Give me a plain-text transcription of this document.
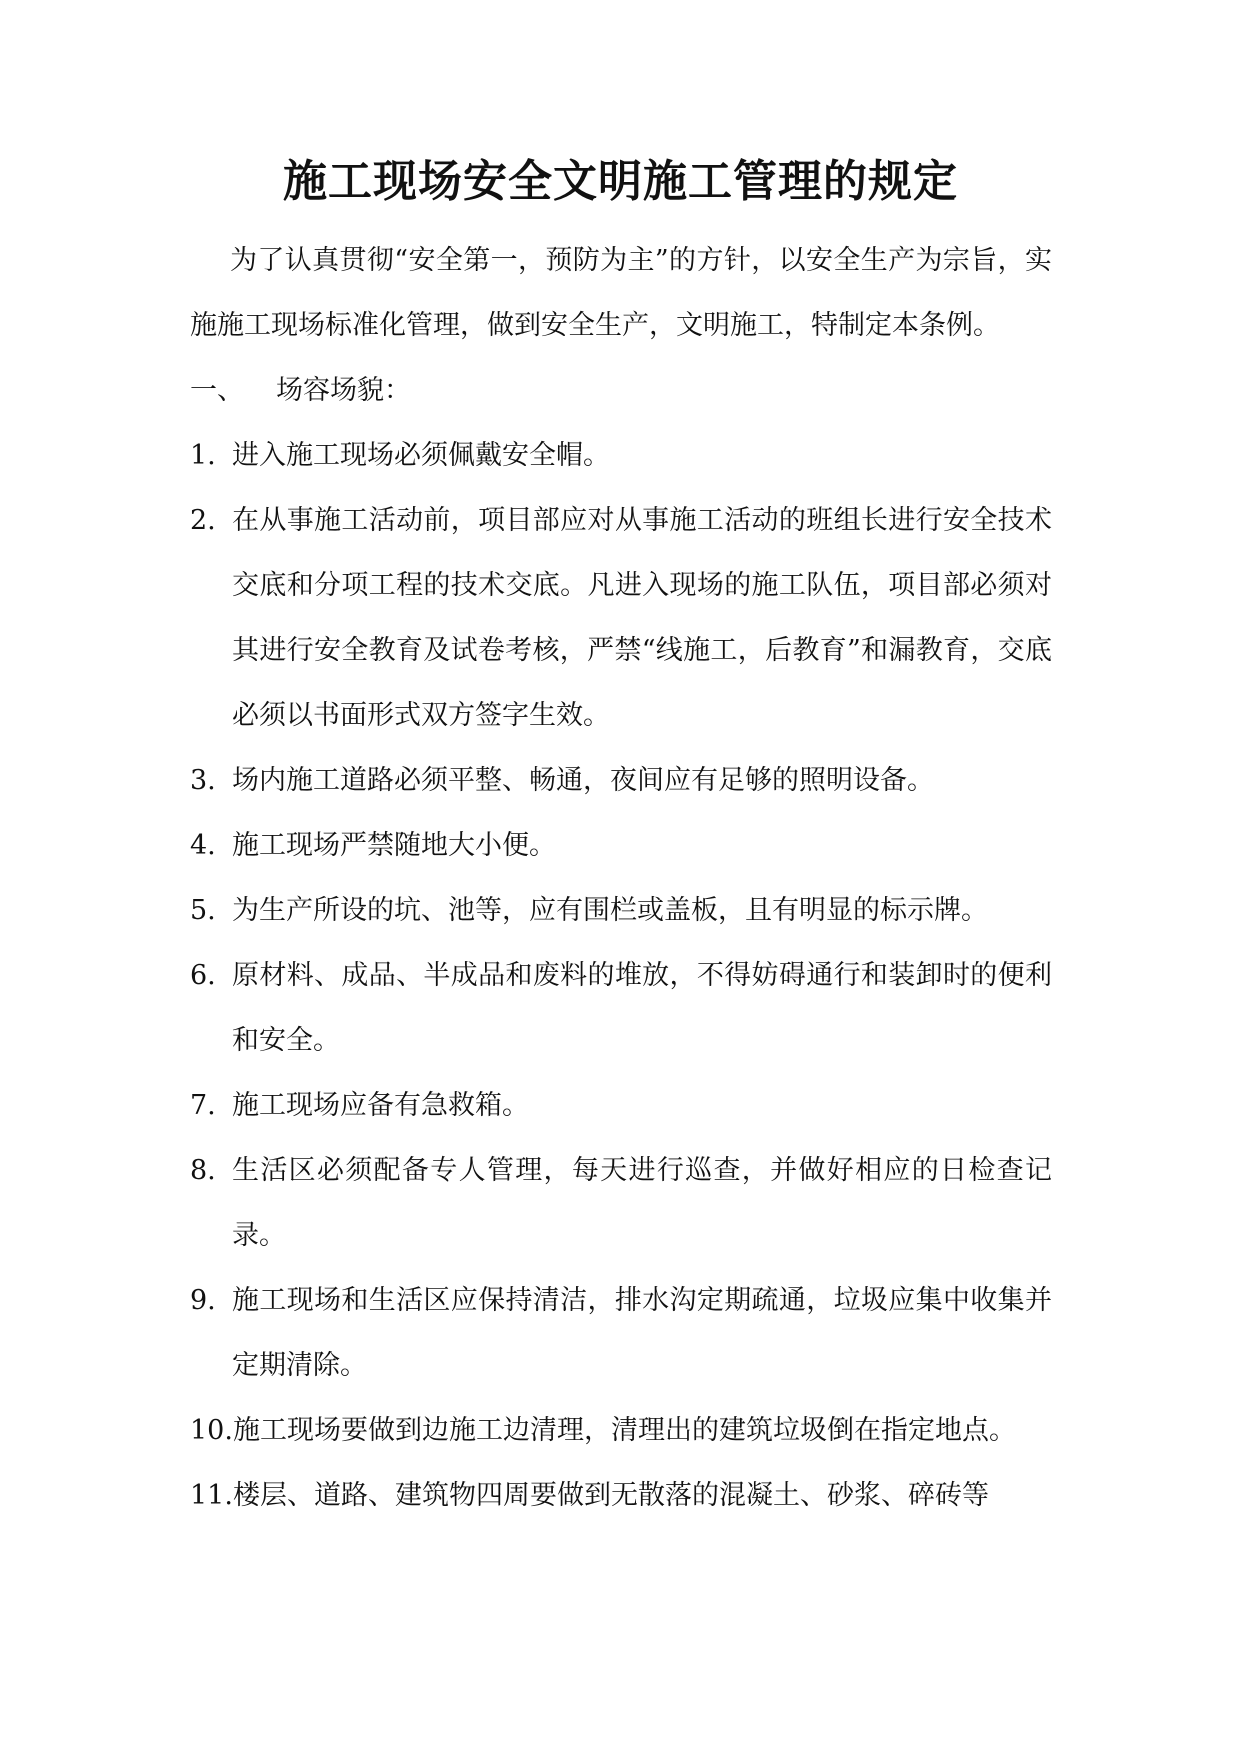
施工现场安全文明施工管理的规定

为了认真贯彻“安全第一，预防为主”的方针，以安全生产为宗旨，实施施工现场标准化管理，做到安全生产，文明施工，特制定本条例。

一、 场容场貌：

1. 进入施工现场必须佩戴安全帽。
2. 在从事施工活动前，项目部应对从事施工活动的班组长进行安全技术交底和分项工程的技术交底。凡进入现场的施工队伍，项目部必须对其进行安全教育及试卷考核，严禁“线施工，后教育”和漏教育，交底必须以书面形式双方签字生效。
3. 场内施工道路必须平整、畅通，夜间应有足够的照明设备。
4. 施工现场严禁随地大小便。
5. 为生产所设的坑、池等，应有围栏或盖板，且有明显的标示牌。
6. 原材料、成品、半成品和废料的堆放，不得妨碍通行和装卸时的便利和安全。
7. 施工现场应备有急救箱。
8. 生活区必须配备专人管理，每天进行巡查，并做好相应的日检查记录。
9. 施工现场和生活区应保持清洁，排水沟定期疏通，垃圾应集中收集并定期清除。
10. 施工现场要做到边施工边清理，清理出的建筑垃圾倒在指定地点。
11. 楼层、道路、建筑物四周要做到无散落的混凝土、砂浆、碎砖等
